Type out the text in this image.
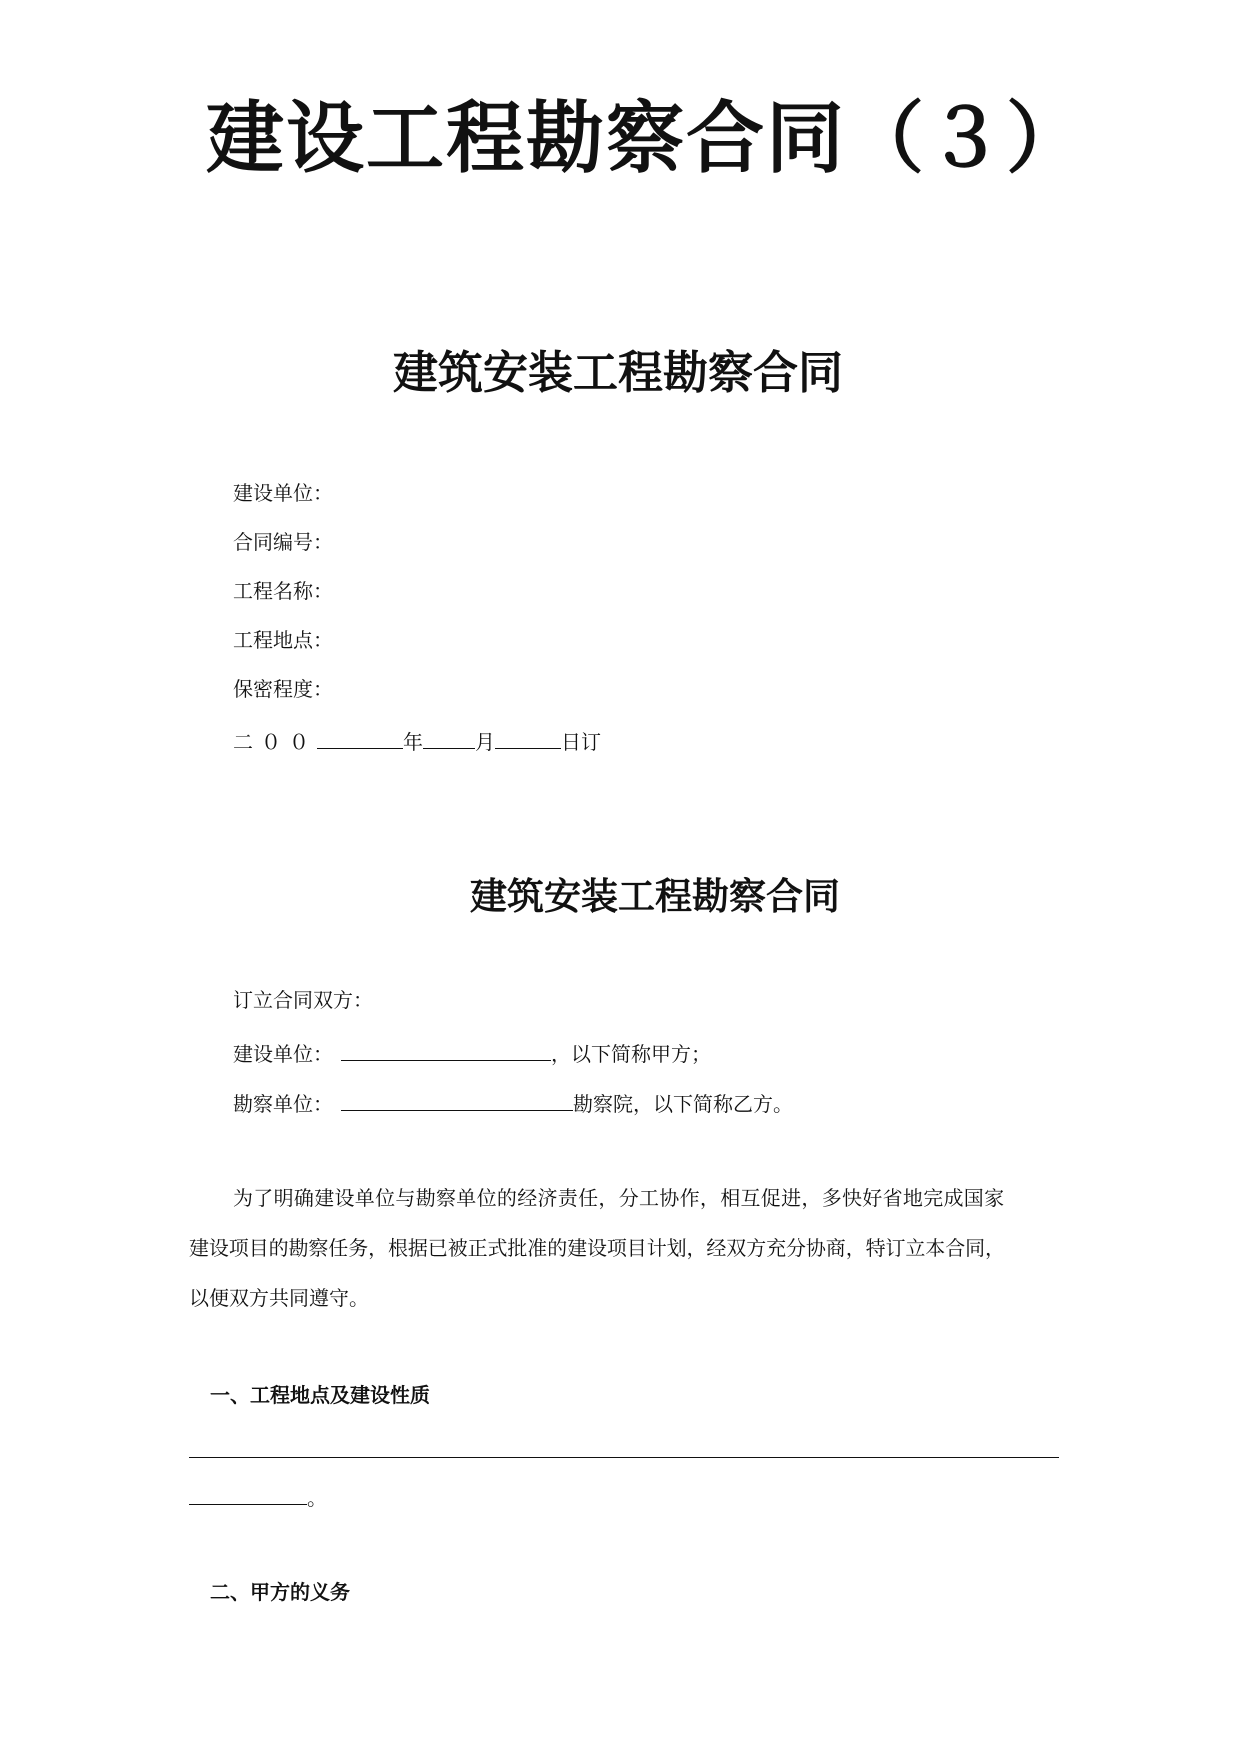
建设工程勘察合同（３）
建筑安装工程勘察合同
建设单位：
合同编号：
工程名称：
工程地点：
保密程度：
二００	年	月	日订
建筑安装工程勘察合同
订立合同双方：
建设单位：	，以下简称甲方；
勘察单位：	勘察院，以下简称乙方。
为了明确建设单位与勘察单位的经济责任，分工协作，相互促进，多快好省地完成国家
建设项目的勘察任务，根据已被正式批准的建设项目计划，经双方充分协商，特订立本合同，
以便双方共同遵守。
一、工程地点及建设性质
。
二、甲方的义务
